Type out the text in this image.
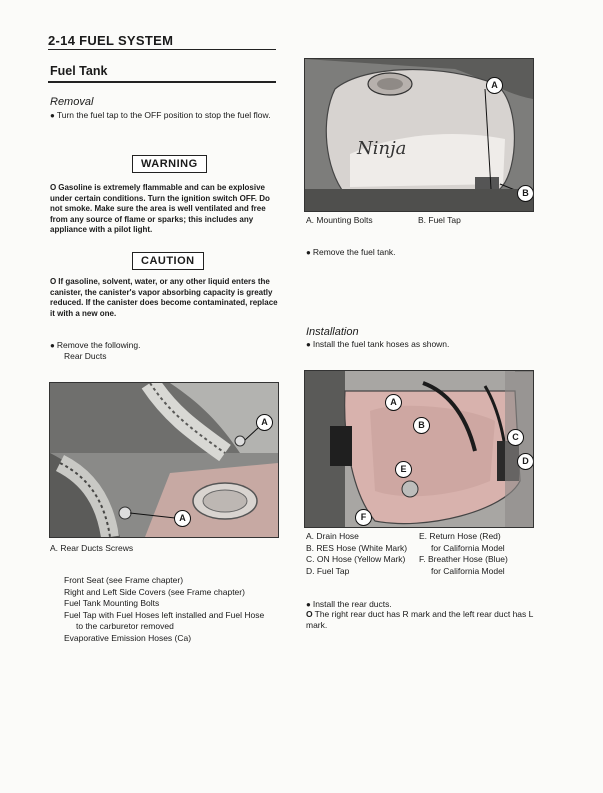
2-14 FUEL SYSTEM
Fuel Tank
Removal
● Turn the fuel tap to the OFF position to stop the fuel flow.
WARNING
O Gasoline is extremely flammable and can be explosive under certain conditions. Turn the ignition switch OFF. Do not smoke. Make sure the area is well ventilated and free from any source of flame or sparks; this includes any appliance with a pilot light.
CAUTION
O If gasoline, solvent, water, or any other liquid enters the canister, the canister's vapor absorbing capacity is greatly reduced. If the canister does become contaminated, replace it with a new one.
● Remove the following.
Rear Ducts
A
A
A. Rear Ducts Screws
Front Seat (see Frame chapter)
Right and Left Side Covers (see Frame chapter)
Fuel Tank Mounting Bolts
Fuel Tap with Fuel Hoses left installed and Fuel Hose
to the carburetor removed
Evaporative Emission Hoses (Ca)
Ninja
A
B
A. Mounting Bolts	B. Fuel Tap
● Remove the fuel tank.
Installation
● Install the fuel tank hoses as shown.
A
B
C
D
E
F
A. Drain Hose
B. RES Hose (White Mark)
C. ON Hose (Yellow Mark)
D. Fuel Tap
E. Return Hose (Red)
for California Model
F. Breather Hose (Blue)
for California Model
● Install the rear ducts.
O The right rear duct has R mark and the left rear duct has L mark.
